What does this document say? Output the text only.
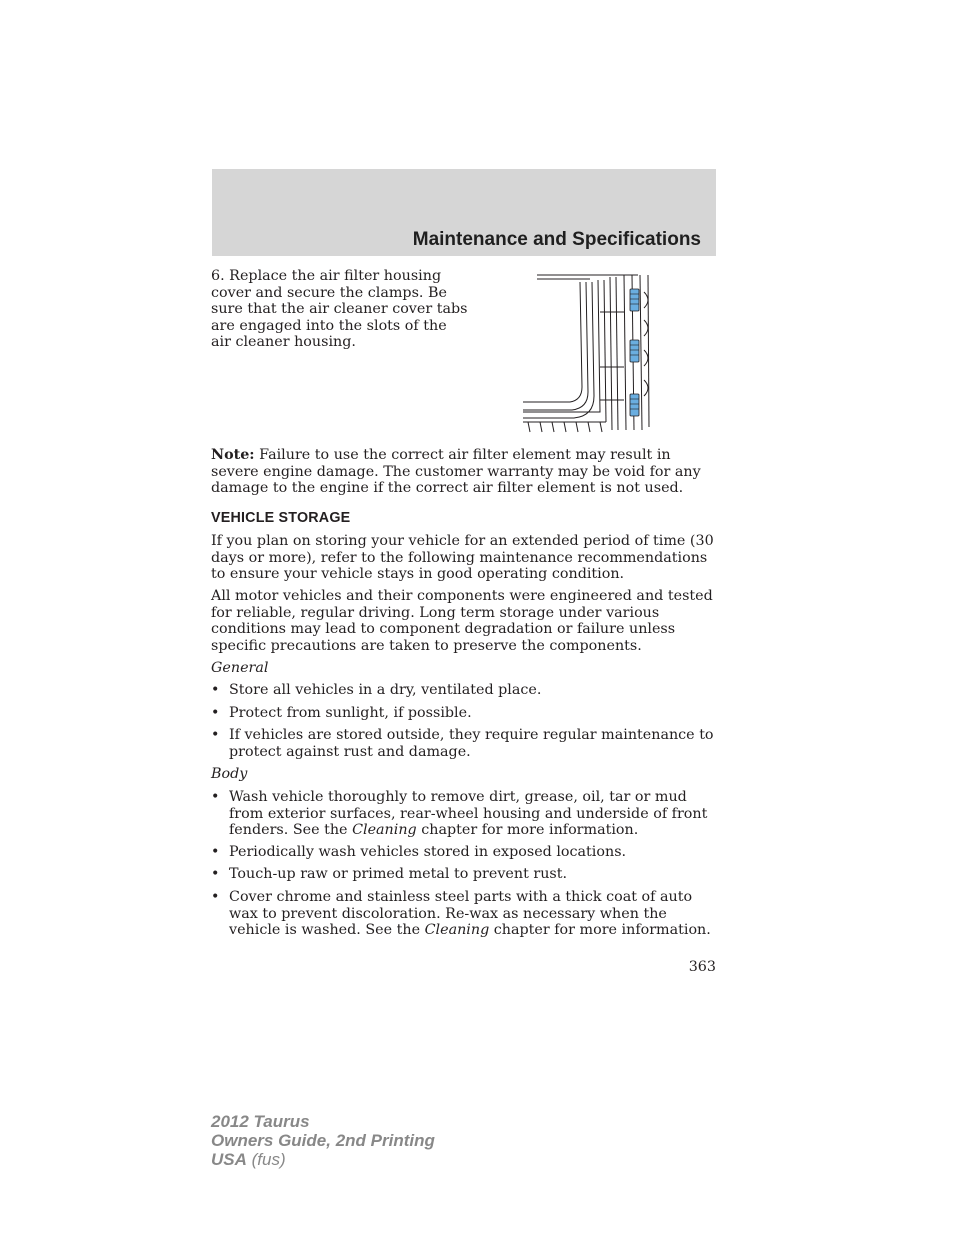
Maintenance and Specifications
6. Replace the air filter housing cover and secure the clamps. Be sure that the air cleaner cover tabs are engaged into the slots of the air cleaner housing.
Note: Failure to use the correct air filter element may result in severe engine damage. The customer warranty may be void for any damage to the engine if the correct air filter element is not used.
VEHICLE STORAGE
If you plan on storing your vehicle for an extended period of time (30 days or more), refer to the following maintenance recommendations to ensure your vehicle stays in good operating condition.
All motor vehicles and their components were engineered and tested for reliable, regular driving. Long term storage under various conditions may lead to component degradation or failure unless specific precautions are taken to preserve the components.
General
• Store all vehicles in a dry, ventilated place.
• Protect from sunlight, if possible.
• If vehicles are stored outside, they require regular maintenance to protect against rust and damage.
Body
• Wash vehicle thoroughly to remove dirt, grease, oil, tar or mud from exterior surfaces, rear-wheel housing and underside of front fenders. See the Cleaning chapter for more information.
• Periodically wash vehicles stored in exposed locations.
• Touch-up raw or primed metal to prevent rust.
• Cover chrome and stainless steel parts with a thick coat of auto wax to prevent discoloration. Re-wax as necessary when the vehicle is washed. See the Cleaning chapter for more information.
363
2012 Taurus
Owners Guide, 2nd Printing
USA (fus)
